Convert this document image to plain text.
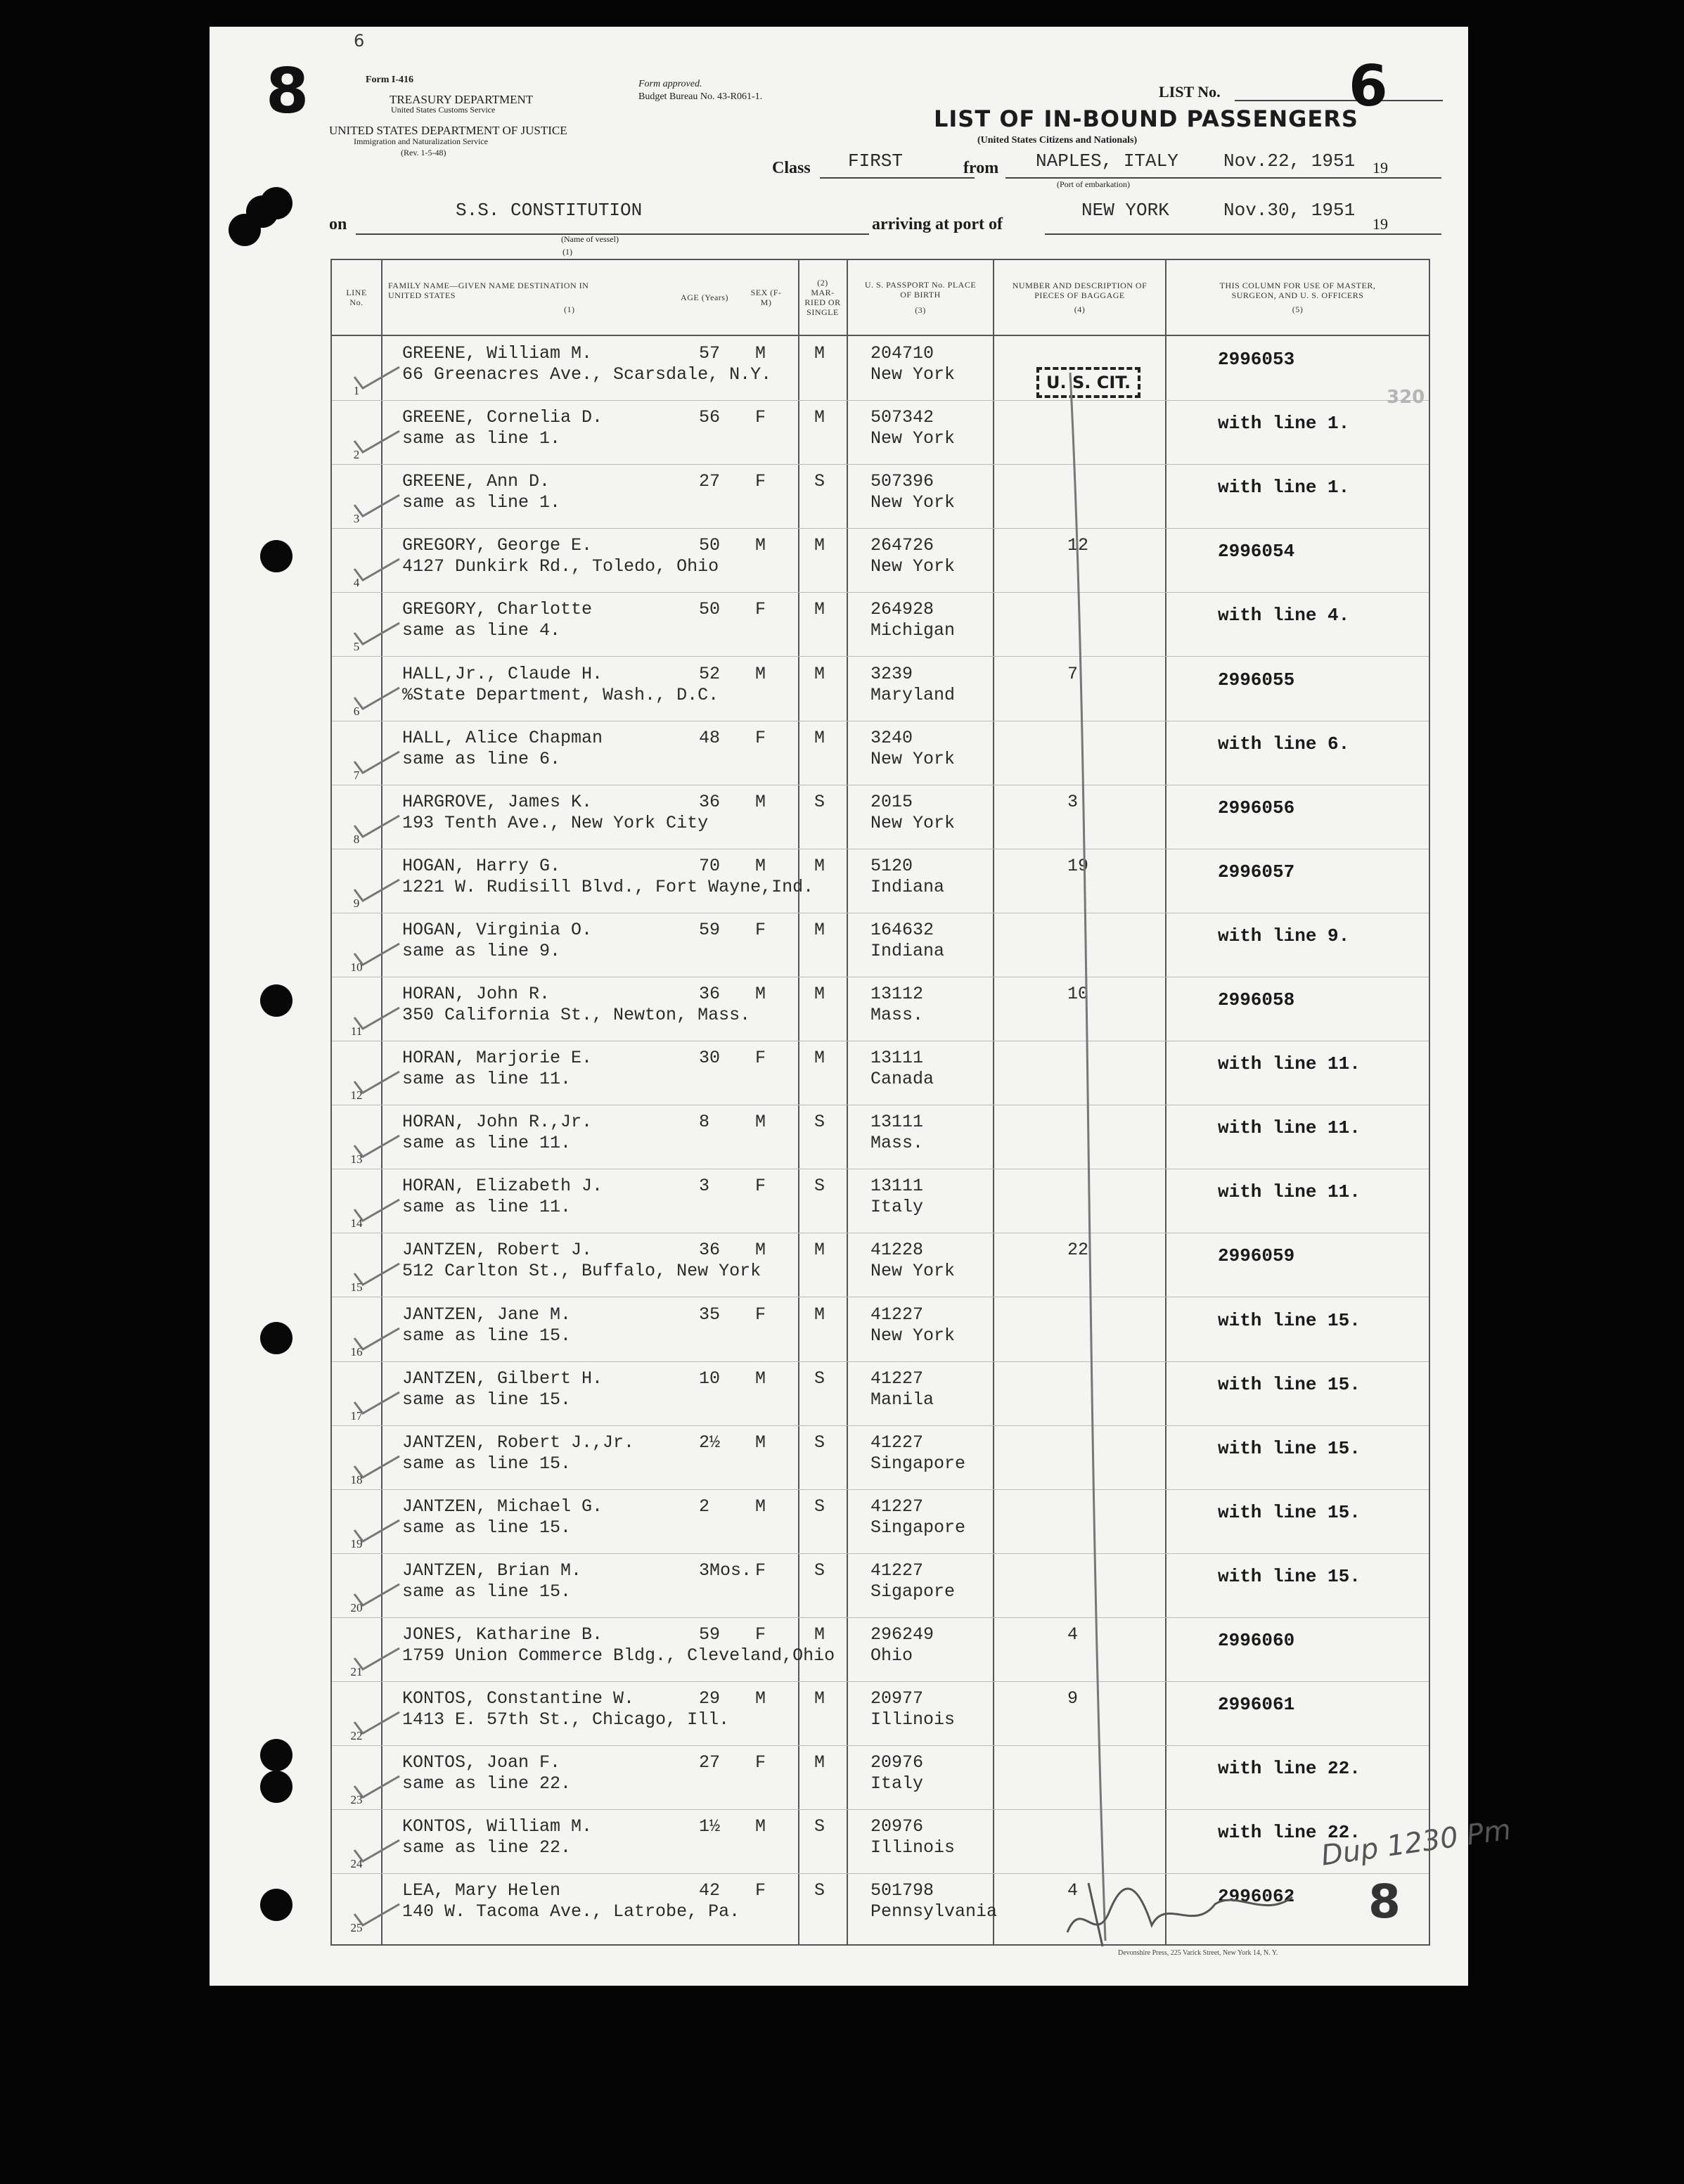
8
6
Form I-416
TREASURY DEPARTMENT
United States Customs Service
UNITED STATES DEPARTMENT OF JUSTICE
Immigration and Naturalization Service
(Rev. 1-5-48)
Form approved.
Budget Bureau No. 43-R061-1.	LIST No. 6
LIST OF IN-BOUND PASSENGERS
(United States Citizens and Nationals)
Class FIRST	from NAPLES, ITALY Nov.22, 1951 19
(Port of embarkation)
on
S.S. CONSTITUTION
(Name of vessel)
(1)
arriving at port of
NEW YORK	Nov.30, 1951
19
LINE No.
FAMILY NAME—GIVEN NAME DESTINATION IN UNITED STATES
(1)
AGE (Years)	SEX (F-M)
(2)
MAR-RIED OR SINGLE
U. S. PASSPORT No. PLACE OF BIRTH
(3)
NUMBER AND DESCRIPTION OF PIECES OF BAGGAGE
(4)
THIS COLUMN FOR USE OF MASTER, SURGEON, AND U. S. OFFICERS
(5)
1
GREENE, William M.
66 Greenacres Ave., Scarsdale, N.Y.
57 M	M	204710
New York
2996053
2
GREENE, Cornelia D.
same as line 1.
56 F	M	507342
New York
with line 1.
3
GREENE, Ann D.
same as line 1.
27 F	S	507396
New York
with line 1.
4
GREGORY, George E.
4127 Dunkirk Rd., Toledo, Ohio
50 M	M	264726
New York
12	2996054
5
GREGORY, Charlotte
same as line 4.
50 F	M	264928
Michigan
with line 4.
6
HALL,Jr., Claude H.
%State Department, Wash., D.C.
52 M	M	3239
Maryland
7	2996055
7
HALL, Alice Chapman
same as line 6.
48 F	M	3240
New York
with line 6.
8
HARGROVE, James K.
193 Tenth Ave., New York City
36 M	S	2015
New York
3	2996056
9
HOGAN, Harry G.
1221 W. Rudisill Blvd., Fort Wayne,Ind.
70 M	M	5120
Indiana
19	2996057
10
HOGAN, Virginia O.
same as line 9.
59 F	M	164632
Indiana
with line 9.
11
HORAN, John R.
350 California St., Newton, Mass.
36 M	M	13112
Mass.
10	2996058
12
HORAN, Marjorie E.
same as line 11.
30 F	M	13111
Canada
with line 11.
13
HORAN, John R.,Jr.
same as line 11.
8	M	S	13111
Mass.
with line 11.
14
HORAN, Elizabeth J.
same as line 11.
3	F	S	13111
Italy
with line 11.
15
JANTZEN, Robert J.
512 Carlton St., Buffalo, New York
36 M	M	41228
New York
22	2996059
16
JANTZEN, Jane M.
same as line 15.
35 F	M	41227
New York
with line 15.
17
JANTZEN, Gilbert H.
same as line 15.
10 M	S	41227
Manila
with line 15.
18
JANTZEN, Robert J.,Jr.
same as line 15.
2½ M	S	41227
Singapore
with line 15.
19
JANTZEN, Michael G.
same as line 15.
2	M	S	41227
Singapore
with line 15.
20
JANTZEN, Brian M.
same as line 15.
3Mos. F	S	41227
Sigapore
with line 15.
21
JONES, Katharine B.
1759 Union Commerce Bldg., Cleveland,Ohio
59 F	M	296249
Ohio
4	2996060
22
KONTOS, Constantine W.
1413 E. 57th St., Chicago, Ill.
29 M	M	20977
Illinois
9	2996061
23
KONTOS, Joan F.
same as line 22.
27 F	M	20976
Italy
with line 22.
24
KONTOS, William M.
same as line 22.
1½ M	S	20976
Illinois
with line 22.
25
LEA, Mary Helen
140 W. Tacoma Ave., Latrobe, Pa.
42 F	S	501798
Pennsylvania
4	2996062
U. S. CIT.
320
Devonshire Press, 225 Varick Street, New York 14, N. Y.
8
Dup 1230 Pm
